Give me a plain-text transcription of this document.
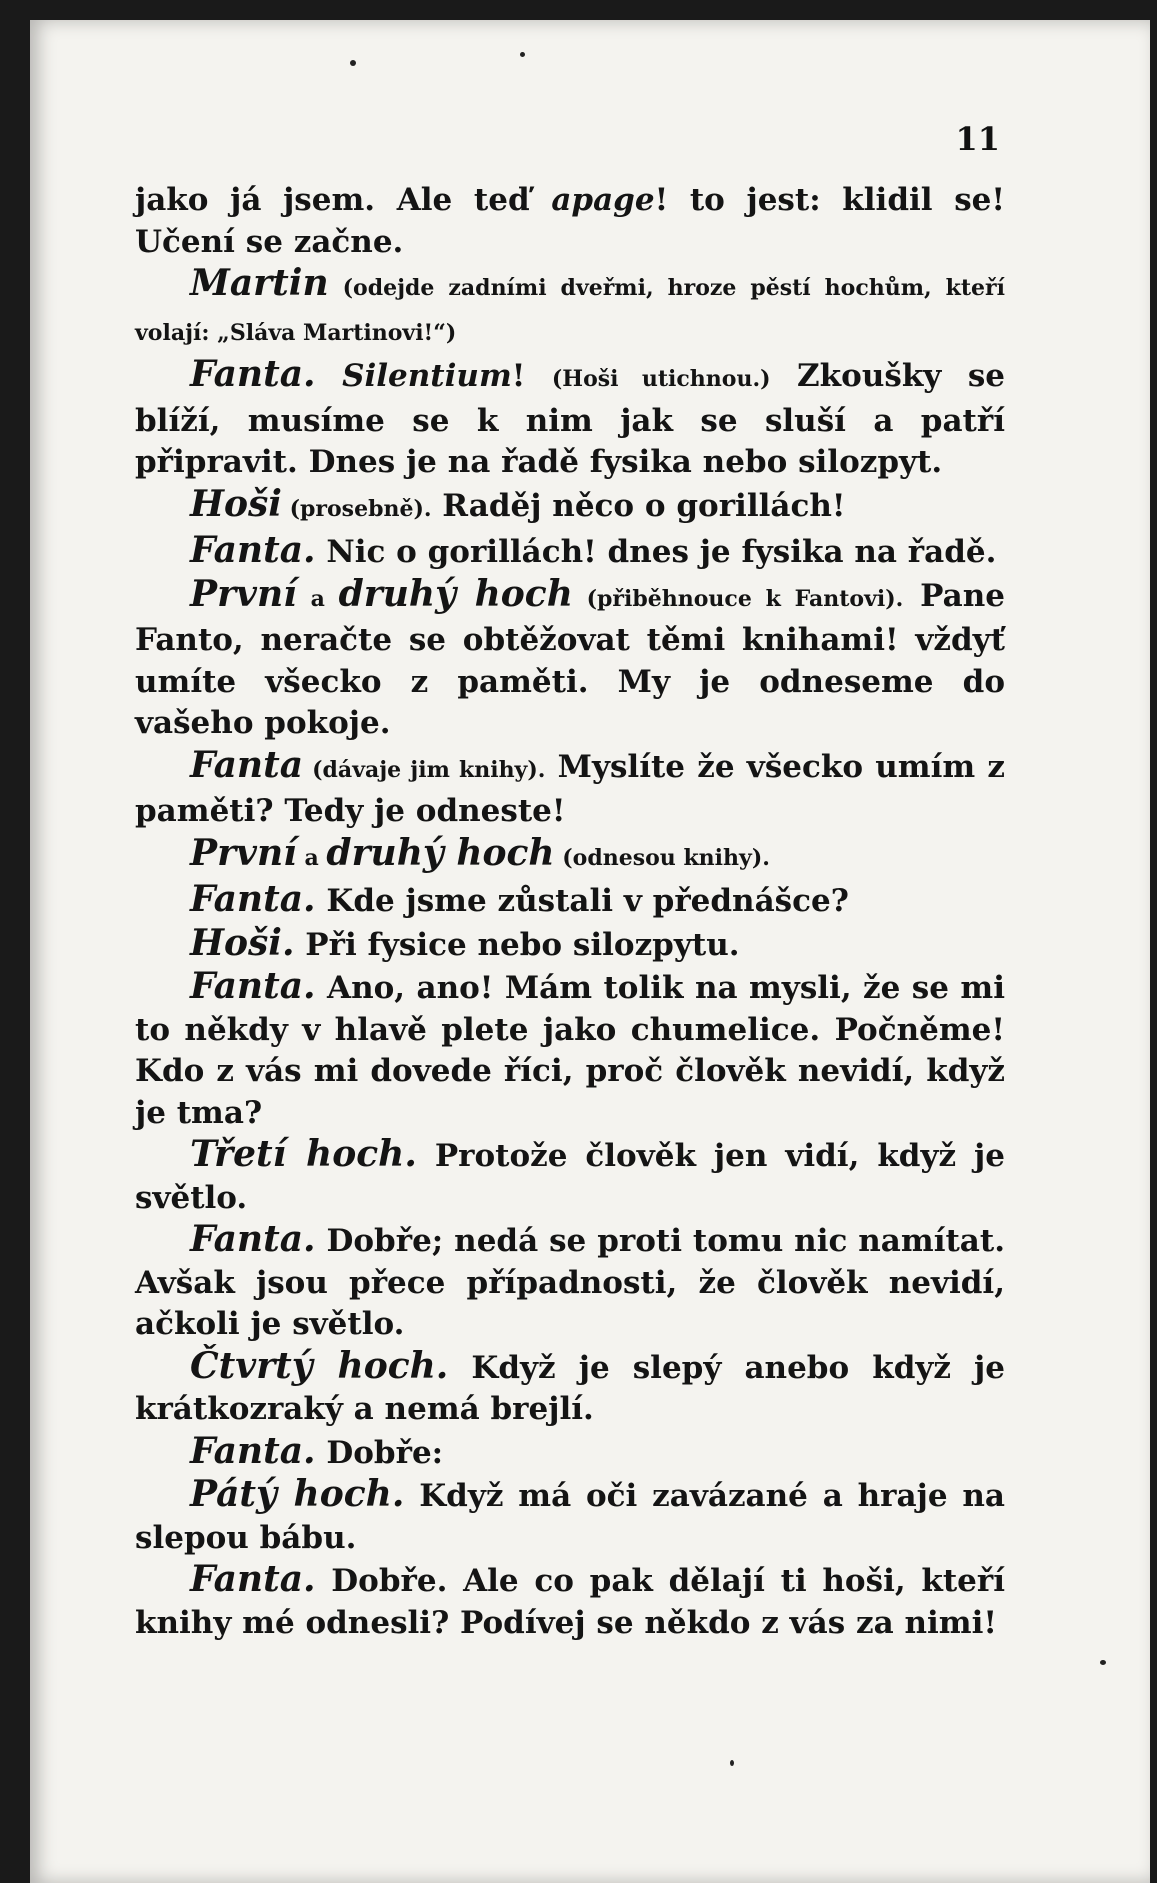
11

jako já jsem. Ale teď apage! to jest: klidil se! Učení se začne.

Martin (odejde zadními dveřmi, hroze pěstí hochům, kteří volají: „Sláva Martinovi!“)

Fanta. Silentium! (Hoši utichnou.) Zkoušky se blíží, musíme se k nim jak se sluší a patří připravit. Dnes je na řadě fysika nebo silozpyt.

Hoši (prosebně). Raděj něco o gorillách!

Fanta. Nic o gorillách! dnes je fysika na řadě.

První a druhý hoch (přiběhnouce k Fantovi). Pane Fanto, neračte se obtěžovat těmi knihami! vždyť umíte všecko z paměti. My je odneseme do vašeho pokoje.

Fanta (dávaje jim knihy). Myslíte že všecko umím z paměti? Tedy je odneste!

První a druhý hoch (odnesou knihy).

Fanta. Kde jsme zůstali v přednášce?

Hoši. Při fysice nebo silozpytu.

Fanta. Ano, ano! Mám tolik na mysli, že se mi to někdy v hlavě plete jako chumelice. Počněme! Kdo z vás mi dovede říci, proč člověk nevidí, když je tma?

Třetí hoch. Protože člověk jen vidí, když je světlo.

Fanta. Dobře; nedá se proti tomu nic namítat. Avšak jsou přece případnosti, že člověk nevidí, ačkoli je světlo.

Čtvrtý hoch. Když je slepý anebo když je krátkozraký a nemá brejlí.

Fanta. Dobře:

Pátý hoch. Když má oči zavázané a hraje na slepou bábu.

Fanta. Dobře. Ale co pak dělají ti hoši, kteří knihy mé odnesli? Podívej se někdo z vás za nimi!
